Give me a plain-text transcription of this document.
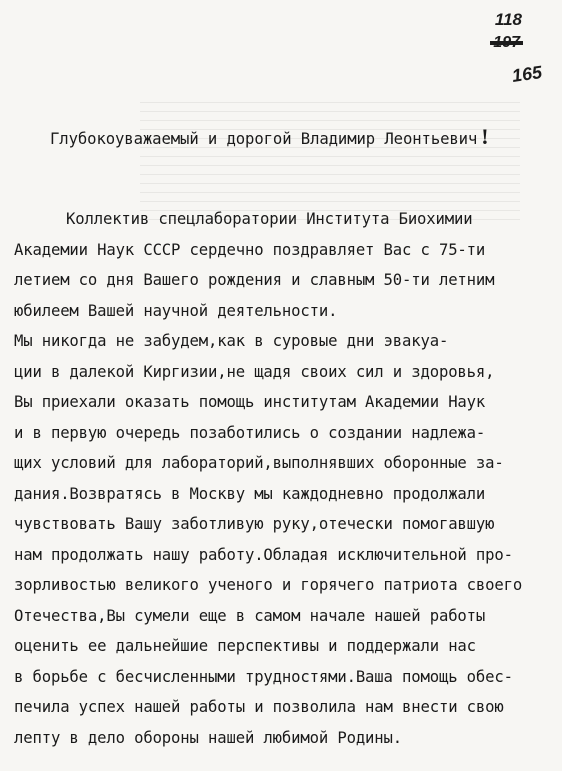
118
165
Глубокоуважаемый и дорогой Владимир Леонтьевич !
Коллектив спецлаборатории Института Биохимии
Академии Наук СССР сердечно поздравляет Вас с 75-ти
летием со дня Вашего рождения и славным 50-ти летним
юбилеем Вашей научной деятельности.
Мы никогда не забудем,как в суровые дни эвакуа-
ции в далекой Киргизии,не щадя своих сил и здоровья,
Вы приехали оказать помощь институтам Академии Наук
и в первую очередь позаботились о создании надлежа-
щих условий для лабораторий,выполнявших оборонные за-
дания.Возвратясь в Москву мы каждодневно продолжали
чувствовать Вашу заботливую руку,отечески помогавшую
нам продолжать нашу работу.Обладая исключительной про-
зорливостью великого ученого и горячего патриота своего
Отечества,Вы сумели еще в самом начале нашей работы
оценить ее дальнейшие перспективы и поддержали нас
в борьбе с бесчисленными трудностями.Ваша помощь обес-
печила успех нашей работы и позволила нам внести свою
лепту в дело обороны нашей любимой Родины.
